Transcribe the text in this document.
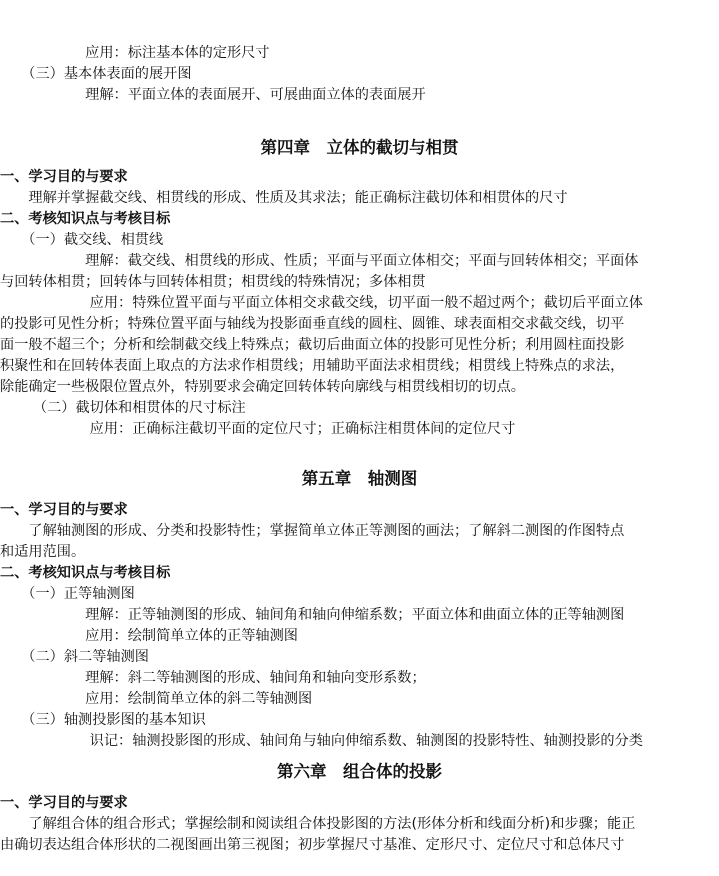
　　　　　　应用：标注基本体的定形尺寸
　　（三）基本体表面的展开图
　　　　　　理解：平面立体的表面展开、可展曲面立体的表面展开
第四章　立体的截切与相贯
一、学习目的与要求
　　理解并掌握截交线、相贯线的形成、性质及其求法；能正确标注截切体和相贯体的尺寸
二、考核知识点与考核目标
　　（一）截交线、相贯线
　　　　　　理解：截交线、相贯线的形成、性质；平面与平面立体相交；平面与回转体相交；平面体
与回转体相贯；回转体与回转体相贯；相贯线的特殊情况；多体相贯
　　　　　　 应用：特殊位置平面与平面立体相交求截交线，切平面一般不超过两个；截切后平面立体
的投影可见性分析；特殊位置平面与轴线为投影面垂直线的圆柱、圆锥、球表面相交求截交线，切平
面一般不超三个；分析和绘制截交线上特殊点；截切后曲面立体的投影可见性分析；利用圆柱面投影
积聚性和在回转体表面上取点的方法求作相贯线；用辅助平面法求相贯线；相贯线上特殊点的求法，
除能确定一些极限位置点外，特别要求会确定回转体转向廓线与相贯线相切的切点。
　　 （二）截切体和相贯体的尺寸标注
　　　　　　 应用：正确标注截切平面的定位尺寸；正确标注相贯体间的定位尺寸
第五章　轴测图
一、学习目的与要求
　　了解轴测图的形成、分类和投影特性；掌握简单立体正等测图的画法；了解斜二测图的作图特点
和适用范围。
二、考核知识点与考核目标
　　（一）正等轴测图
　　　　　　理解：正等轴测图的形成、轴间角和轴向伸缩系数；平面立体和曲面立体的正等轴测图
　　　　　　应用：绘制简单立体的正等轴测图
　　（二）斜二等轴测图
　　　　　　理解：斜二等轴测图的形成、轴间角和轴向变形系数；
　　　　　　应用：绘制简单立体的斜二等轴测图
　　（三）轴测投影图的基本知识
　　　　　　 识记：轴测投影图的形成、轴间角与轴向伸缩系数、轴测图的投影特性、轴测投影的分类
第六章　组合体的投影
一、学习目的与要求
　　了解组合体的组合形式；掌握绘制和阅读组合体投影图的方法(形体分析和线面分析)和步骤；能正
由确切表达组合体形状的二视图画出第三视图；初步掌握尺寸基准、定形尺寸、定位尺寸和总体尺寸
